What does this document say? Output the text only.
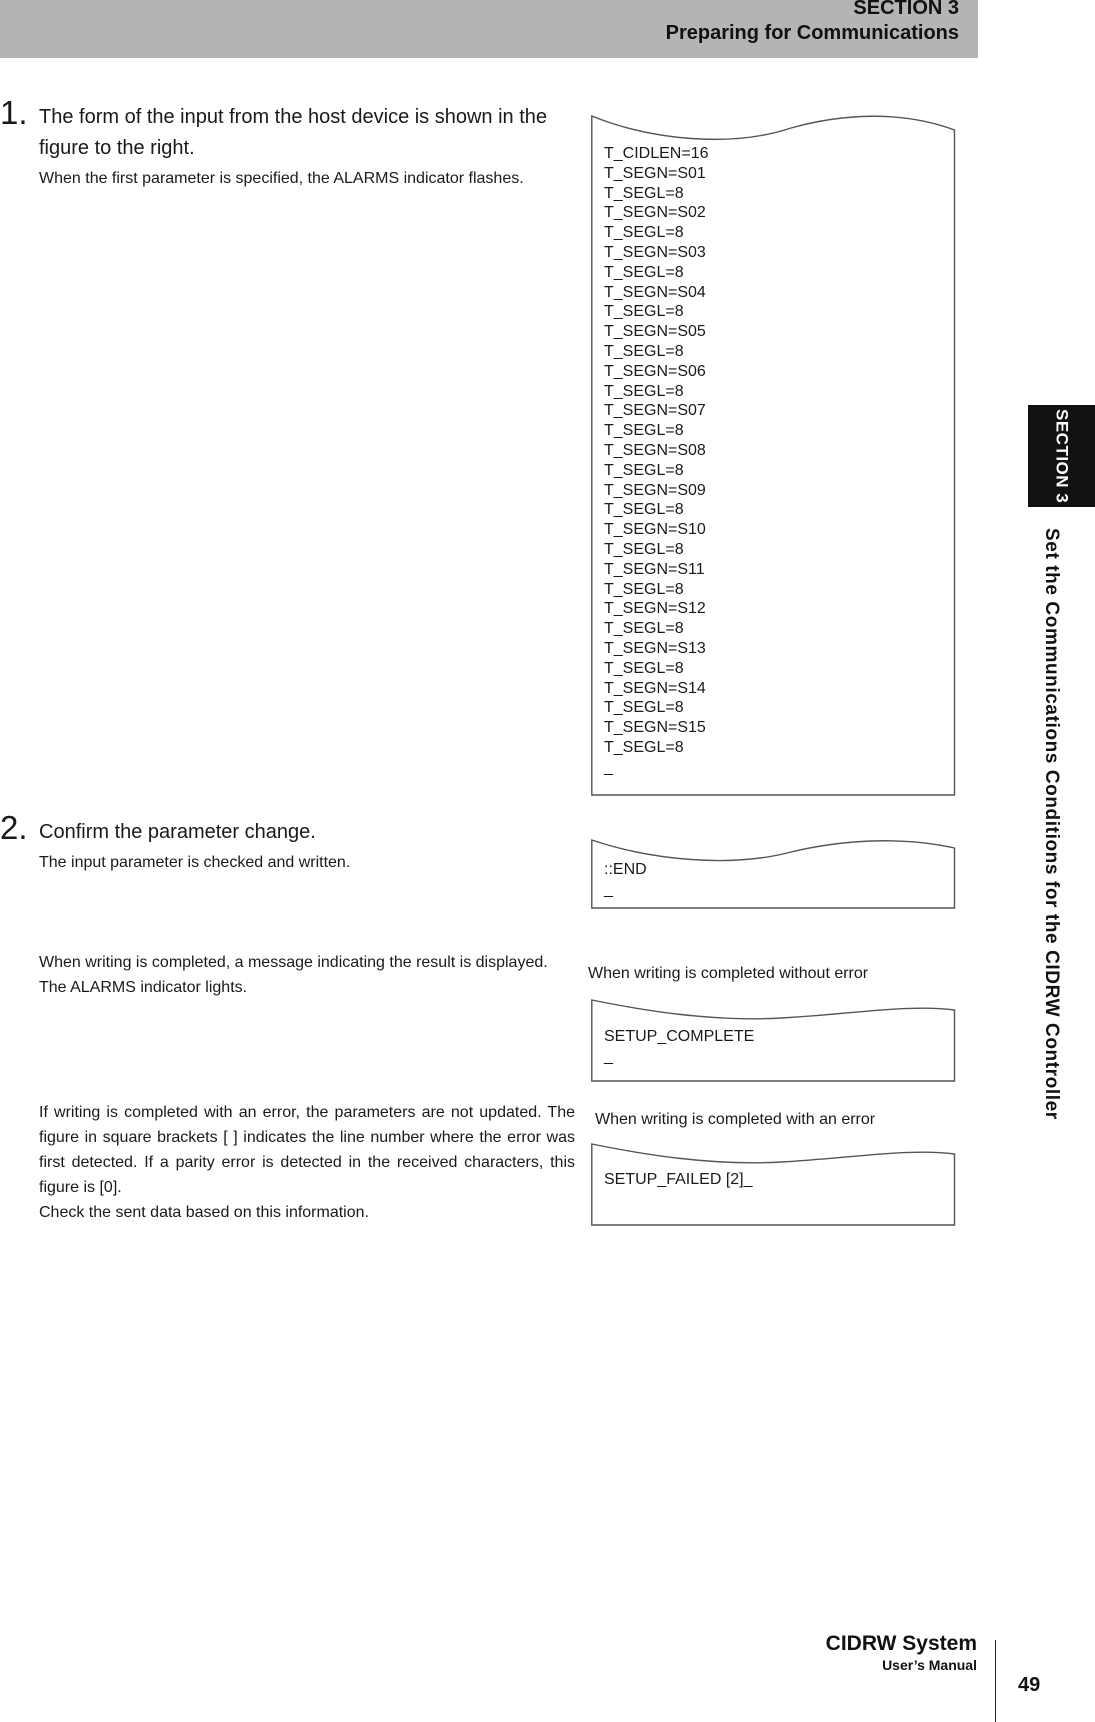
SECTION 3
Preparing for Communications
1. The form of the input from the host device is shown in the figure to the right.
When the first parameter is specified, the ALARMS indicator flashes.
T_CIDLEN=16
T_SEGN=S01
T_SEGL=8
T_SEGN=S02
T_SEGL=8
T_SEGN=S03
T_SEGL=8
T_SEGN=S04
T_SEGL=8
T_SEGN=S05
T_SEGL=8
T_SEGN=S06
T_SEGL=8
T_SEGN=S07
T_SEGL=8
T_SEGN=S08
T_SEGL=8
T_SEGN=S09
T_SEGL=8
T_SEGN=S10
T_SEGL=8
T_SEGN=S11
T_SEGL=8
T_SEGN=S12
T_SEGL=8
T_SEGN=S13
T_SEGL=8
T_SEGN=S14
T_SEGL=8
T_SEGN=S15
T_SEGL=8
_
2. Confirm the parameter change.
The input parameter is checked and written.	::END
_
When writing is completed, a message indicating the result is displayed.
The ALARMS indicator lights.
When writing is completed without error
SETUP_COMPLETE
_
If writing is completed with an error, the parameters are not updated. The figure in square brackets [ ] indicates the line number where the error was first detected. If a parity error is detected in the received characters, this figure is [0].
Check the sent data based on this information.
When writing is completed with an error
SETUP_FAILED [2]_
SECTION 3
Set the Communications Conditions for the CIDRW Controller
CIDRW System
User’s Manual
49
